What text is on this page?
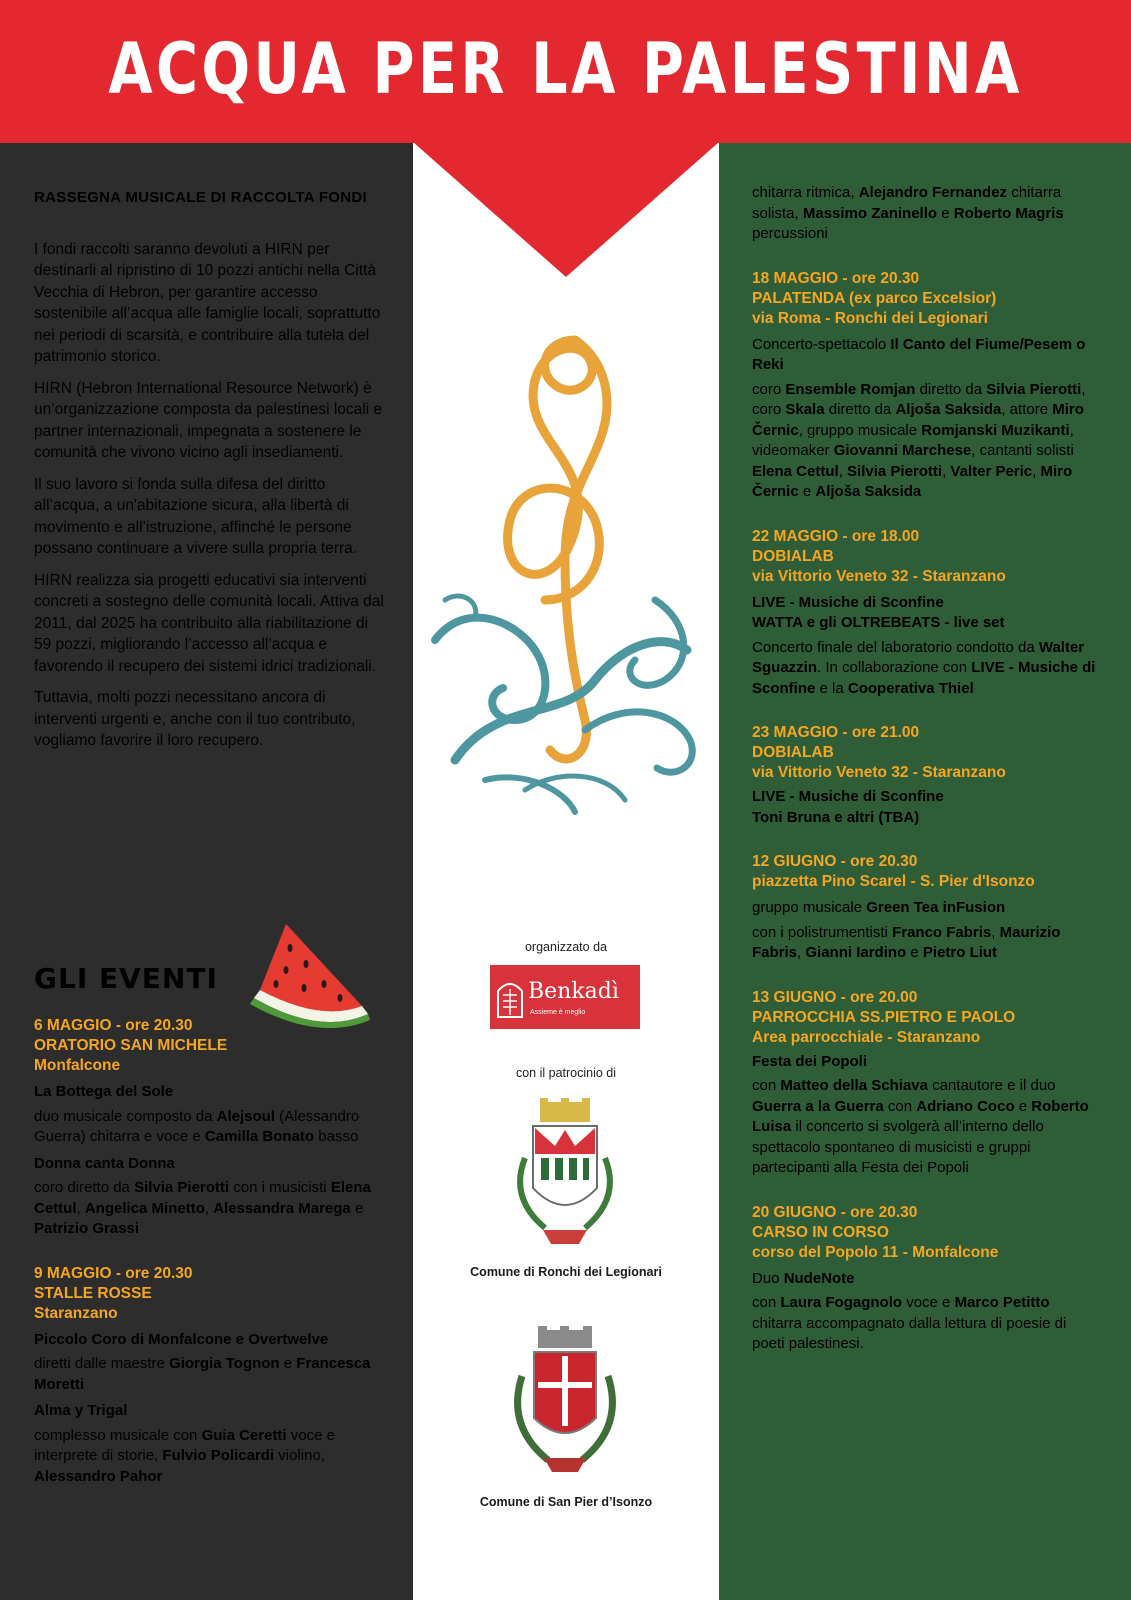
ACQUA PER LA PALESTINA
RASSEGNA MUSICALE DI RACCOLTA FONDI

I fondi raccolti saranno devoluti a HIRN per destinarli al ripristino di 10 pozzi antichi nella Città Vecchia di Hebron, per garantire accesso sostenibile all’acqua alle famiglie locali, soprattutto nei periodi di scarsità, e contribuire alla tutela del patrimonio storico.

HIRN (Hebron International Resource Network) è un’organizzazione composta da palestinesi locali e partner internazionali, impegnata a sostenere le comunità che vivono vicino agli insediamenti.

Il suo lavoro si fonda sulla difesa del diritto all’acqua, a un'abitazione sicura, alla libertà di movimento e all’istruzione, affinché le persone possano continuare a vivere sulla propria terra.

HIRN realizza sia progetti educativi sia interventi concreti a sostegno delle comunità locali. Attiva dal 2011, dal 2025 ha contribuito alla riabilitazione di 59 pozzi, migliorando l’accesso all’acqua e favorendo il recupero dei sistemi idrici tradizionali.

Tuttavia, molti pozzi necessitano ancora di interventi urgenti e, anche con il tuo contributo, vogliamo favorire il loro recupero.

GLI EVENTI
6 MAGGIO - ore 20.30
ORATORIO SAN MICHELE
Monfalcone
La Bottega del Sole
duo musicale composto da Alejsoul (Alessandro Guerra) chitarra e voce e Camilla Bonato basso
Donna canta Donna
coro diretto da Silvia Pierotti con i musicisti Elena Cettul, Angelica Minetto, Alessandra Marega e Patrizio Grassi
9 MAGGIO - ore 20.30
STALLE ROSSE
Staranzano
Piccolo Coro di Monfalcone e Overtwelve
diretti dalle maestre Giorgia Tognon e Francesca Moretti
Alma y Trigal
complesso musicale con Guia Ceretti voce e interprete di storie, Fulvio Policardi violino, Alessandro Pahor
chitarra ritmica, Alejandro Fernandez chitarra solista, Massimo Zaninello e Roberto Magris percussioni
18 MAGGIO - ore 20.30
PALATENDA (ex parco Excelsior)
via Roma - Ronchi dei Legionari
Concerto-spettacolo Il Canto del Fiume/Pesem o Reki
coro Ensemble Romjan diretto da Silvia Pierotti, coro Skala diretto da Aljoša Saksida, attore Miro Černic, gruppo musicale Romjanski Muzikanti, videomaker Giovanni Marchese, cantanti solisti Elena Cettul, Silvia Pierotti, Valter Peric, Miro Černic e Aljoša Saksida
22 MAGGIO - ore 18.00
DOBIALAB
via Vittorio Veneto 32 - Staranzano
LIVE - Musiche di Sconfine
WATTA e gli OLTREBEATS - live set
Concerto finale del laboratorio condotto da Walter Sguazzin. In collaborazione con LIVE - Musiche di Sconfine e la Cooperativa Thiel
23 MAGGIO - ore 21.00
DOBIALAB
via Vittorio Veneto 32 - Staranzano
LIVE - Musiche di Sconfine
Toni Bruna e altri (TBA)
12 GIUGNO - ore 20.30
piazzetta Pino Scarel - S. Pier d'Isonzo
gruppo musicale Green Tea inFusion
con i polistrumentisti Franco Fabris, Maurizio Fabris, Gianni Iardino e Pietro Liut
13 GIUGNO - ore 20.00
PARROCCHIA SS.PIETRO E PAOLO
Area parrocchiale - Staranzano
Festa dei Popoli
con Matteo della Schiava cantautore e il duo Guerra a la Guerra con Adriano Coco e Roberto Luisa il concerto si svolgerà all’interno dello spettacolo spontaneo di musicisti e gruppi partecipanti alla Festa dei Popoli
20 GIUGNO - ore 20.30
CARSO IN CORSO
corso del Popolo 11 - Monfalcone
Duo NudeNote
con Laura Fogagnolo voce e Marco Petitto chitarra accompagnato dalla lettura di poesie di poeti palestinesi.
organizzato da
Benkadì
Assieme è meglio
con il patrocinio di
Comune di Ronchi dei Legionari
Comune di San Pier d’Isonzo
